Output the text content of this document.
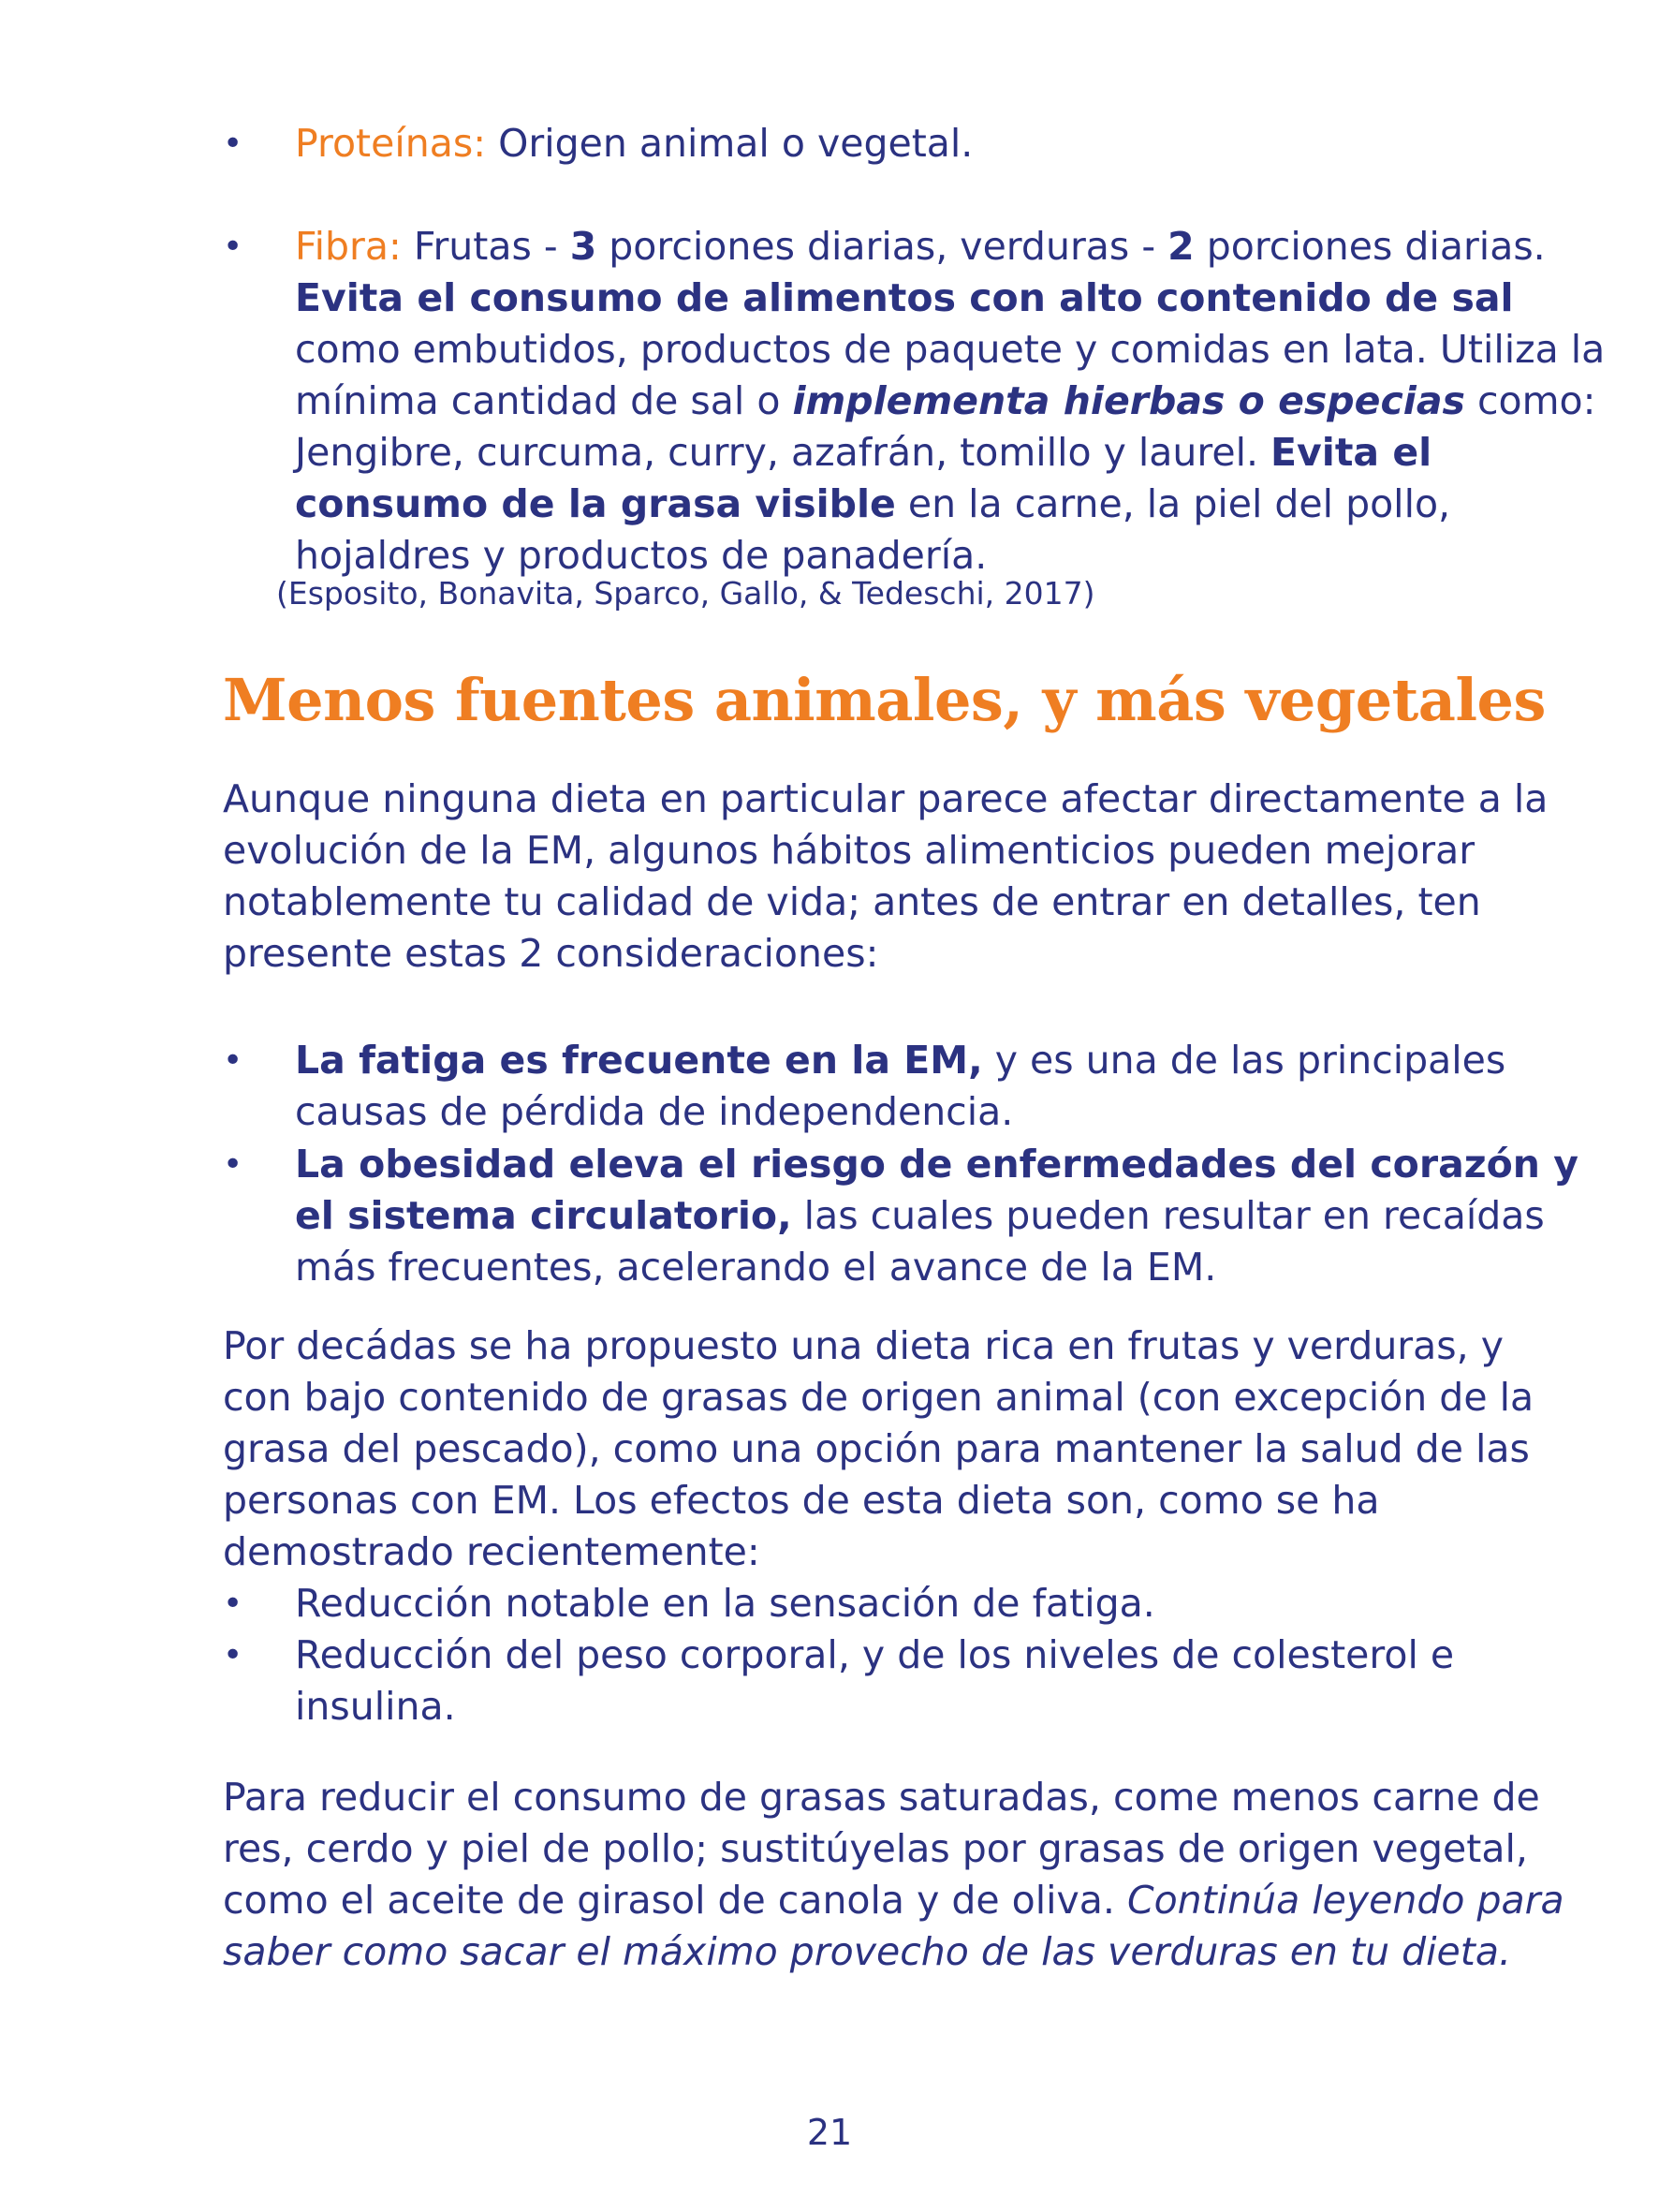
• Proteínas: Origen animal o vegetal.

• Fibra: Frutas - 3 porciones diarias, verduras - 2 porciones diarias. Evita el consumo de alimentos con alto contenido de sal como embutidos, productos de paquete y comidas en lata. Utiliza la mínima cantidad de sal o implementa hierbas o especias como: Jengibre, curcuma, curry, azafrán, tomillo y laurel. Evita el consumo de la grasa visible en la carne, la piel del pollo, hojaldres y productos de panadería.

(Esposito, Bonavita, Sparco, Gallo, & Tedeschi, 2017)

Menos fuentes animales, y más vegetales

Aunque ninguna dieta en particular parece afectar directamente a la evolución de la EM, algunos hábitos alimenticios pueden mejorar notablemente tu calidad de vida; antes de entrar en detalles, ten presente estas 2 consideraciones:

• La fatiga es frecuente en la EM, y es una de las principales causas de pérdida de independencia.

• La obesidad eleva el riesgo de enfermedades del corazón y el sistema circulatorio, las cuales pueden resultar en recaídas más frecuentes, acelerando el avance de la EM.

Por decádas se ha propuesto una dieta rica en frutas y verduras, y con bajo contenido de grasas de origen animal (con excepción de la grasa del pescado), como una opción para mantener la salud de las personas con EM. Los efectos de esta dieta son, como se ha demostrado recientemente:

• Reducción notable en la sensación de fatiga.

• Reducción del peso corporal, y de los niveles de colesterol e insulina.

Para reducir el consumo de grasas saturadas, come menos carne de res, cerdo y piel de pollo; sustitúyelas por grasas de origen vegetal, como el aceite de girasol de canola y de oliva. Continúa leyendo para saber como sacar el máximo provecho de las verduras en tu dieta.

21
